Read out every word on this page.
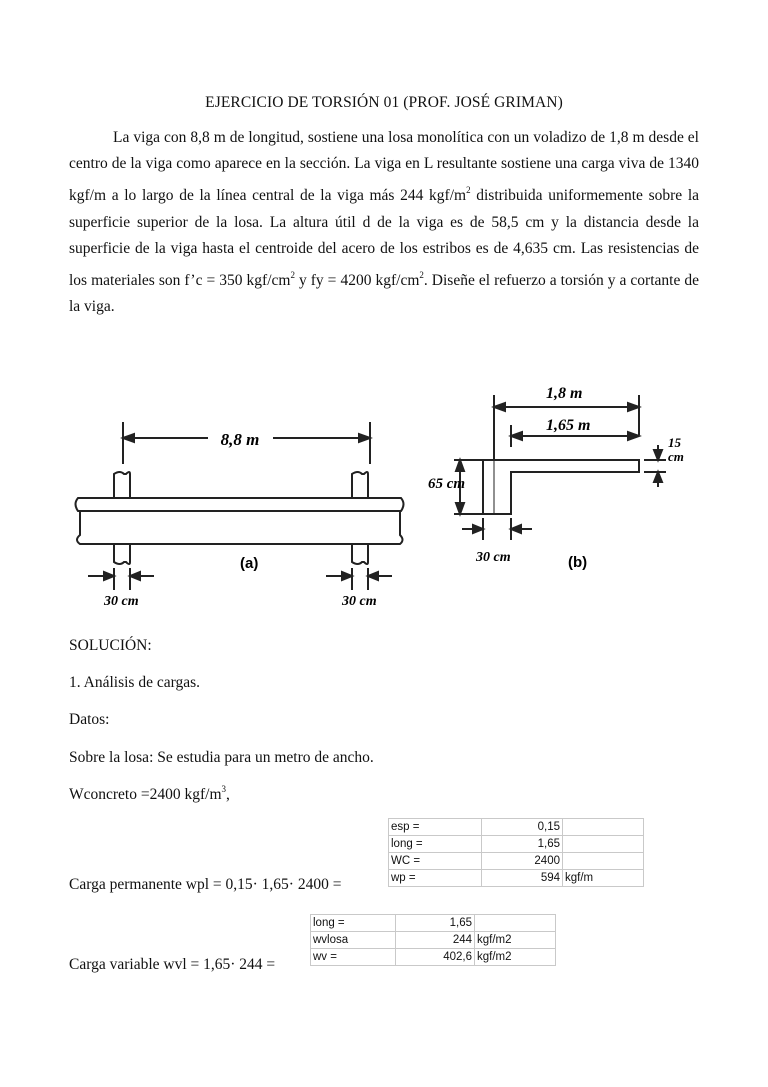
EJERCICIO DE TORSIÓN 01 (PROF. JOSÉ GRIMAN)
La viga con 8,8 m de longitud, sostiene una losa monolítica con un voladizo de 1,8 m desde el centro de la viga como aparece en la sección. La viga en L resultante sostiene una carga viva de 1340 kgf/m a lo largo de la línea central de la viga más 244 kgf/$m^2$ distribuida uniformemente sobre la superficie superior de la losa. La altura útil d de la viga es de 58,5 cm y la distancia desde la superficie de la viga hasta el centroide del acero de los estribos es de 4,635 cm. Las resistencias de los materiales son f’c = 350 kgf/$cm^2$ y fy = 4200 kgf/$cm^2$. Diseñe el refuerzo a torsión y a cortante de la viga.
8,8 m
30 cm	30 cm
(a)
1,8 m
1,65 m
65 cm
15
cm
30 cm	(b)
SOLUCIÓN:
1. Análisis de cargas.
Datos:
Sobre la losa: Se estudia para un metro de ancho.
Wconcreto =2400 kgf/$m^3$,
esp =	0,15	
long =	1,65	
WC =	2400	
wp =	594	kgf/m
Carga permanente wpl = 0,15· 1,65· 2400 =
long =	1,65	
wvlosa	244	kgf/m2
wv =	402,6	kgf/m2
Carga variable wvl = 1,65· 244 =
